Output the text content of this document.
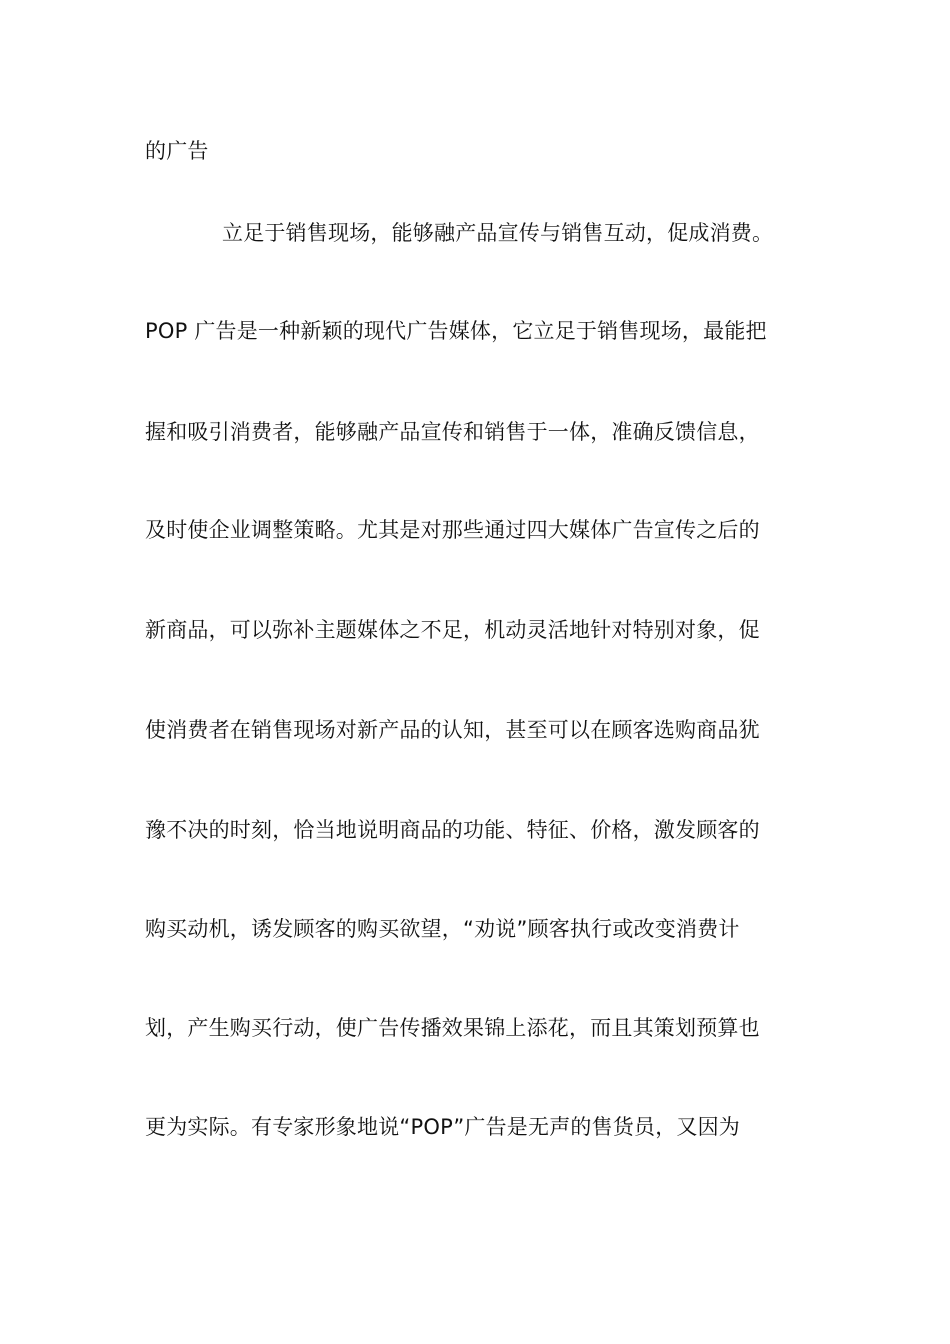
的广告
立足于销售现场，能够融产品宣传与销售互动，促成消费。
POP 广告是一种新颖的现代广告媒体，它立足于销售现场，最能把
握和吸引消费者，能够融产品宣传和销售于一体，准确反馈信息，
及时使企业调整策略。尤其是对那些通过四大媒体广告宣传之后的
新商品，可以弥补主题媒体之不足，机动灵活地针对特别对象，促
使消费者在销售现场对新产品的认知，甚至可以在顾客选购商品犹
豫不决的时刻，恰当地说明商品的功能、特征、价格，激发顾客的
购买动机，诱发顾客的购买欲望，“劝说”顾客执行或改变消费计
划，产生购买行动，使广告传播效果锦上添花，而且其策划预算也
更为实际。有专家形象地说“POP”广告是无声的售货员，又因为
